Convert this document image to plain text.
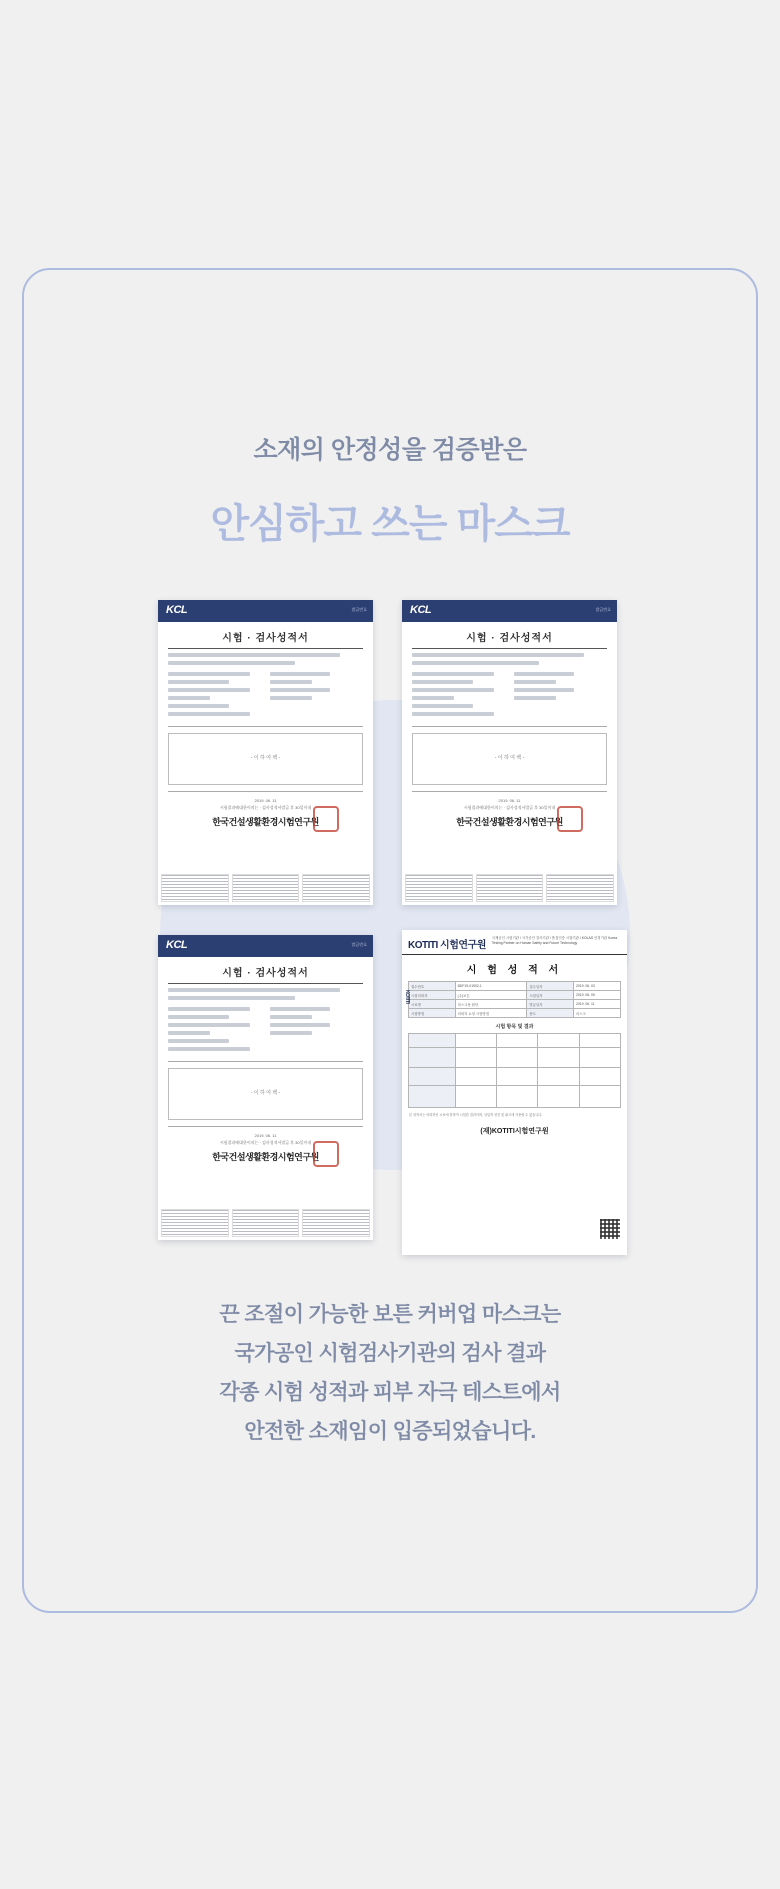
소재의 안정성을 검증받은
안심하고 쓰는 마스크
KCL	발급번호
시험 · 검사성적서
- 이 하 여 백 -
2019. 06. 11
시험결과에대한이의는 · 검사성적서발급 후 30일이내
한국건설생활환경시험연구원
KCL	발급번호
시험 · 검사성적서
- 이 하 여 백 -
2019. 06. 11
시험결과에대한이의는 · 검사성적서발급 후 30일이내
한국건설생활환경시험연구원
KCL	발급번호
시험 · 검사성적서
- 이 하 여 백 -
2019. 06. 11
시험결과에대한이의는 · 검사성적서발급 후 30일이내
한국건설생활환경시험연구원
KOTITI 시험연구원
국제공인 시험기관 / 국가공인 검사기관 / 품질인증 시험기관 / KOLAS 인정기관 Korea Testing Partner on Human Safety and Future Technology
KOTITI
시 험 성 적 서
접수번호	BDF19-01902-1	접수일자	2019. 06. 03
시험의뢰자	(주)보튼	시험일자	2019. 06. 05
시료명	마스크용 원단	발급일자	2019. 06. 11
시험방법	의뢰자 요청 시험방법	용도	마스크
시험 항목 및 결과

본 성적서는 의뢰하신 시료에 한하여 시험한 결과이며, 상업적 선전 및 광고에 사용할 수 없습니다.
(재)KOTITI시험연구원
끈 조절이 가능한 보튼 커버업 마스크는
국가공인 시험검사기관의 검사 결과
각종 시험 성적과 피부 자극 테스트에서
안전한 소재임이 입증되었습니다.
